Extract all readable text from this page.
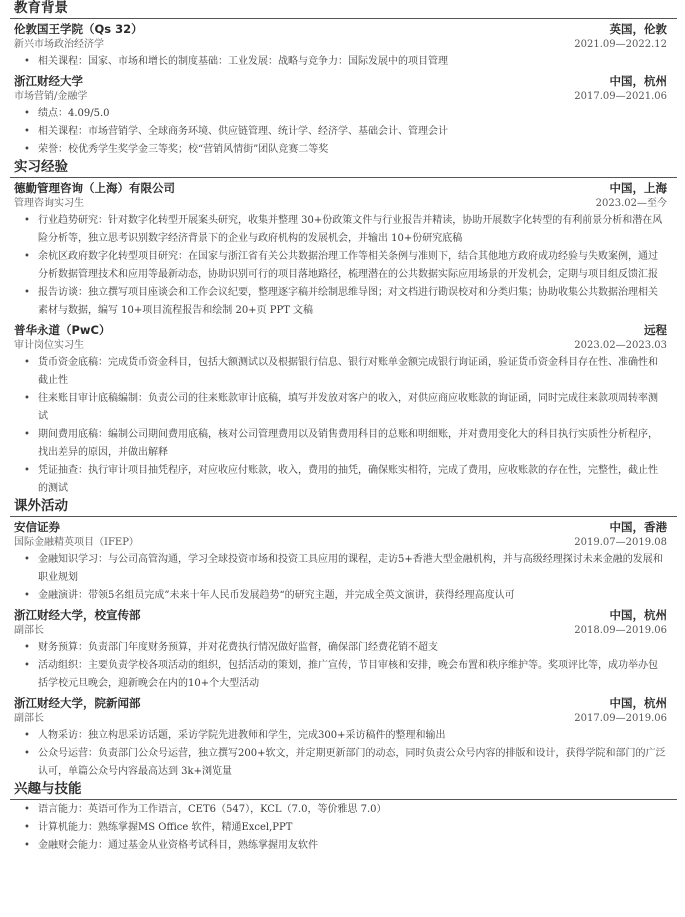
教育背景
伦敦国王学院（Qs 32）	英国，伦敦
新兴市场政治经济学	2021.09—2022.12
• 相关课程：国家、市场和增长的制度基础：工业发展：战略与竞争力：国际发展中的项目管理
浙江财经大学	中国，杭州
市场营销/金融学	2017.09—2021.06
• 绩点：4.09/5.0
• 相关课程：市场营销学、全球商务环境、供应链管理、统计学、经济学、基础会计、管理会计
• 荣誉：校优秀学生奖学金三等奖；校“营销风情街”团队竞赛二等奖
实习经验
德勤管理咨询（上海）有限公司	中国，上海
管理咨询实习生	2023.02—至今
• 行业趋势研究：针对数字化转型开展案头研究，收集并整理 30+份政策文件与行业报告并精读，协助开展数字化转型的有利前景分析和潜在风险分析等，独立思考识别数字经济背景下的企业与政府机构的发展机会，并输出 10+份研究底稿
• 余杭区政府数字化转型项目研究：在国家与浙江省有关公共数据治理工作等相关条例与准则下，结合其他地方政府成功经验与失败案例，通过分析数据管理技术和应用等最新动态，协助识别可行的项目落地路径，梳理潜在的公共数据实际应用场景的开发机会，定期与项目组反馈汇报
• 报告访谈：独立撰写项目座谈会和工作会议纪要，整理逐字稿并绘制思维导图；对文档进行勘误校对和分类归集；协助收集公共数据治理相关素材与数据，编写 10+项目流程报告和绘制 20+页 PPT 文稿
普华永道（PwC）	远程
审计岗位实习生	2023.02—2023.03
• 货币资金底稿：完成货币资金科目，包括大额测试以及根据银行信息、银行对账单金额完成银行询证函，验证货币资金科目存在性、准确性和截止性
• 往来账目审计底稿编制：负责公司的往来账款审计底稿，填写并发放对客户的收入，对供应商应收账款的询证函，同时完成往来款项周转率测试
• 期间费用底稿：编制公司期间费用底稿，核对公司管理费用以及销售费用科目的总账和明细账，并对费用变化大的科目执行实质性分析程序，找出差异的原因，并做出解释
• 凭证抽查：执行审计项目抽凭程序，对应收应付账款，收入，费用的抽凭，确保账实相符，完成了费用，应收账款的存在性，完整性，截止性的测试
课外活动
安信证券	中国，香港
国际金融精英项目（IFEP）	2019.07—2019.08
• 金融知识学习：与公司高管沟通，学习全球投资市场和投资工具应用的课程，走访5+香港大型金融机构，并与高级经理探讨未来金融的发展和职业规划
• 金融演讲：带领5名组员完成”未来十年人民币发展趋势“的研究主题，并完成全英文演讲，获得经理高度认可
浙江财经大学，校宣传部	中国，杭州
副部长	2018.09—2019.06
• 财务预算：负责部门年度财务预算，并对花费执行情况做好监督，确保部门经费花销不超支
• 活动组织：主要负责学校各项活动的组织，包括活动的策划，推广宣传，节目审核和安排，晚会布置和秩序维护等。奖项评比等，成功举办包括学校元旦晚会，迎新晚会在内的10+个大型活动
浙江财经大学，院新闻部	中国，杭州
副部长	2017.09—2019.06
• 人物采访：独立构思采访话题，采访学院先进教师和学生，完成300+采访稿件的整理和输出
• 公众号运营：负责部门公众号运营，独立撰写200+软文，并定期更新部门的动态，同时负责公众号内容的排版和设计，获得学院和部门的广泛认可，单篇公众号内容最高达到 3k+浏览量
兴趣与技能
• 语言能力：英语可作为工作语言，CET6（547），KCL（7.0，等价雅思 7.0）
• 计算机能力：熟练掌握MS Office 软件，精通Excel,PPT
• 金融财会能力：通过基金从业资格考试科目，熟练掌握用友软件
